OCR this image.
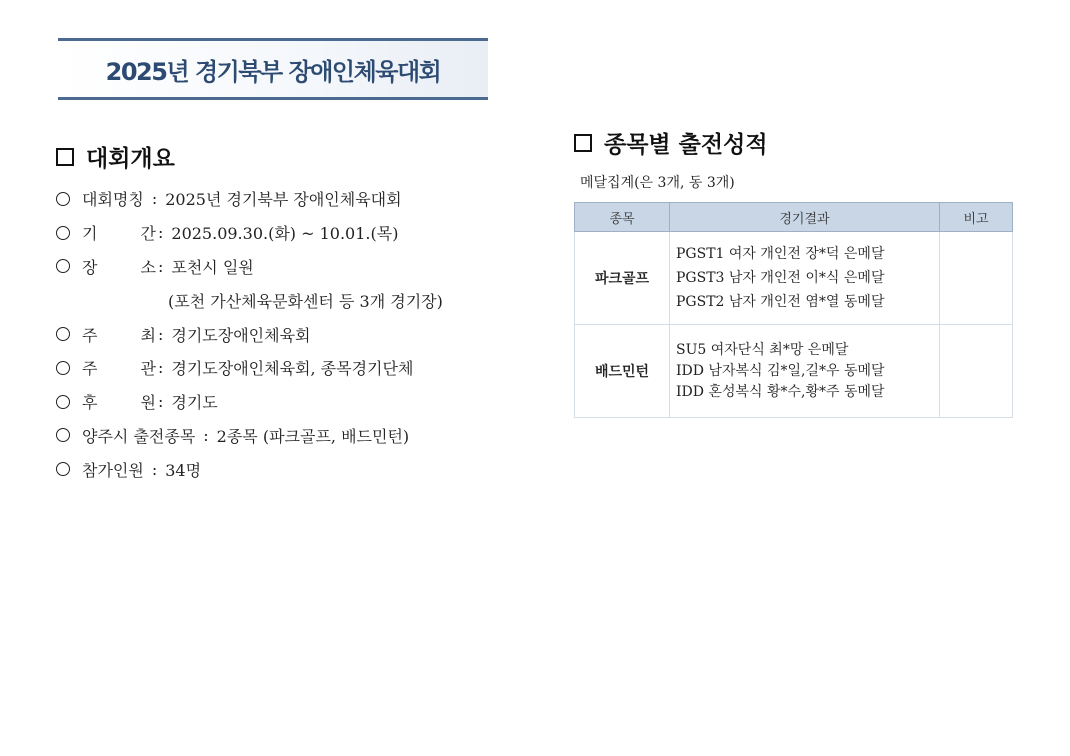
2025년 경기북부 장애인체육대회
대회개요
대회명칭 : 2025년 경기북부 장애인체육대회
기 간 : 2025.09.30.(화) ~ 10.01.(목)
장 소 : 포천시 일원
(포천 가산체육문화센터 등 3개 경기장)
주 최 : 경기도장애인체육회
주 관 : 경기도장애인체육회, 종목경기단체
후 원 : 경기도
양주시 출전종목 : 2종목 (파크골프, 배드민턴)
참가인원 : 34명
종목별 출전성적
메달집계(은 3개, 동 3개)
종목	경기결과	비고
파크골프	PGST1 여자 개인전 장*덕 은메달
PGST3 남자 개인전 이*식 은메달
PGST2 남자 개인전 염*열 동메달	

배드민턴	SU5 여자단식 최*망 은메달
IDD 남자복식 김*일,길*우 동메달
IDD 혼성복식 황*수,황*주 동메달	
